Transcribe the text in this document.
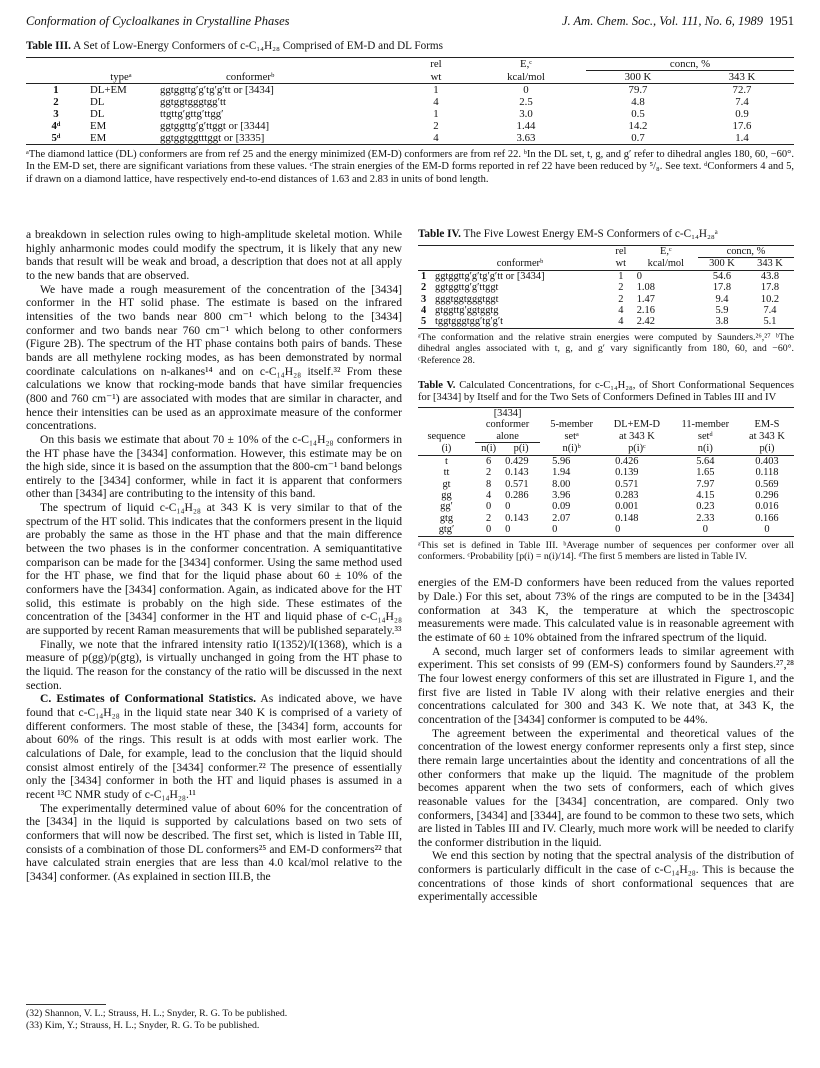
Conformation of Cycloalkanes in Crystalline Phases	J. Am. Chem. Soc., Vol. 111, No. 6, 1989 1951
Table III. A Set of Low-Energy Conformers of c-C₁₄H₂₈ Comprised of EM-D and DL Forms
			rel	E,ᶜ	concn, %	
	typeᵃ	conformerᵇ	wt	kcal/mol	300 K	343 K
1	DL+EM	ggtggttg′g′tg′g′tt or [3434]	1	0	79.7	72.7
2	DL	ggtggtgggtgg′tt	4	2.5	4.8	7.4
3	DL	ttgttg′gttg′ttgg′	1	3.0	0.5	0.9
4ᵈ	EM	ggtggttg′g′ttggt or [3344]	2	1.44	14.2	17.6
5ᵈ	EM	ggtggtggtttggt or [3335]	4	3.63	0.7	1.4
ᵃThe diamond lattice (DL) conformers are from ref 25 and the energy minimized (EM-D) conformers are from ref 22. ᵇIn the DL set, t, g, and g′ refer to dihedral angles 180, 60, −60°. In the EM-D set, there are significant variations from these values. ᶜThe strain energies of the EM-D forms reported in ref 22 have been reduced by ⁵/₈. See text. ᵈConformers 4 and 5, if drawn on a diamond lattice, have respectively end-to-end distances of 1.63 and 2.83 in units of bond length.

a breakdown in selection rules owing to high-amplitude skeletal motion. While highly anharmonic modes could modify the spectrum, it is likely that any new bands that result will be weak and broad, a description that does not at all apply to the new bands that are observed.

We have made a rough measurement of the concentration of the [3434] conformer in the HT solid phase. The estimate is based on the infrared intensities of the two bands near 800 cm⁻¹ which belong to the [3434] conformer and two bands near 760 cm⁻¹ which belong to other conformers (Figure 2B). The spectrum of the HT phase contains both pairs of bands. These bands are all methylene rocking modes, as has been demonstrated by normal coordinate calculations on n-alkanes¹⁴ and on c-C₁₄H₂₈ itself.³² From these calculations we know that rocking-mode bands that have similar frequencies (800 and 760 cm⁻¹) are associated with modes that are similar in character, and hence their intensities can be used as an approximate measure of the conformer concentrations.

On this basis we estimate that about 70 ± 10% of the c-C₁₄H₂₈ conformers in the HT phase have the [3434] conformation. However, this estimate may be on the high side, since it is based on the assumption that the 800-cm⁻¹ band belongs entirely to the [3434] conformer, while in fact it is apparent that conformers other than [3434] are contributing to the intensity of this band.

The spectrum of liquid c-C₁₄H₂₈ at 343 K is very similar to that of the spectrum of the HT solid. This indicates that the conformers present in the liquid are probably the same as those in the HT phase and that the main difference between the two phases is in the conformer concentration. A semiquantitative comparison can be made for the [3434] conformer. Using the same method used for the HT phase, we find that for the liquid phase about 60 ± 10% of the conformers have the [3434] conformation. Again, as indicated above for the HT solid, this estimate is probably on the high side. These estimates of the concentration of the [3434] conformer in the HT and liquid phase of c-C₁₄H₂₈ are supported by recent Raman measurements that will be published separately.³³

Finally, we note that the infrared intensity ratio I(1352)/I(1368), which is a measure of p(gg)/p(gtg), is virtually unchanged in going from the HT phase to the liquid. The reason for the constancy of the ratio will be discussed in the next section.

C. Estimates of Conformational Statistics. As indicated above, we have found that c-C₁₄H₂₈ in the liquid state near 340 K is comprised of a variety of different conformers. The most stable of these, the [3434] form, accounts for about 60% of the rings. This result is at odds with most earlier work. The calculations of Dale, for example, lead to the conclusion that the liquid should consist almost entirely of the [3434] conformer.²² The presence of essentially only the [3434] conformer in both the HT and liquid phases is assumed in a recent ¹³C NMR study of c-C₁₄H₂₈.¹¹

The experimentally determined value of about 60% for the concentration of the [3434] in the liquid is supported by calculations based on two sets of conformers that will now be described. The first set, which is listed in Table III, consists of a combination of those DL conformers²⁵ and EM-D conformers²² that have calculated strain energies that are less than 4.0 kcal/mol relative to the [3434] conformer. (As explained in section III.B, the

(32) Shannon, V. L.; Strauss, H. L.; Snyder, R. G. To be published.
(33) Kim, Y.; Strauss, H. L.; Snyder, R. G. To be published.
Table IV. The Five Lowest Energy EM-S Conformers of c-C₁₄H₂₈ᵃ
		rel	E,ᶜ	concn, %	
	conformerᵇ	wt	kcal/mol	300 K	343 K
1	ggtggttg′g′tg′g′tt or [3434]	1	0	54.6	43.8
2	ggtggttg′g′ttggt	2	1.08	17.8	17.8
3	gggtggtgggtggt	2	1.47	9.4	10.2
4	gtggttg′ggtggtg	4	2.16	5.9	7.4
5	tggtgggtgg′tg′g′t	4	2.42	3.8	5.1
ᵃThe conformation and the relative strain energies were computed by Saunders.²⁶,²⁷ ᵇThe dihedral angles associated with t, g, and g′ vary significantly from 180, 60, and −60°. ᶜReference 28.
Table V. Calculated Concentrations, for c-C₁₄H₂₈, of Short Conformational Sequences for [3434] by Itself and for the Two Sets of Conformers Defined in Tables III and IV
	[3434]					
	conformer		5-member	DL+EM-D	11-member	EM-S
sequence	alone		setᵃ	at 343 K	setᵈ	at 343 K
(i)	n(i)	p(i)	n(i)ᵇ	p(i)ᶜ	n(i)	p(i)
t	6	0.429	5.96	0.426	5.64	0.403
tt	2	0.143	1.94	0.139	1.65	0.118
gt	8	0.571	8.00	0.571	7.97	0.569
gg	4	0.286	3.96	0.283	4.15	0.296
gg′	0	0	0.09	0.001	0.23	0.016
gtg	2	0.143	2.07	0.148	2.33	0.166
gtg′	0	0	0	0	0	0
ᵃThis set is defined in Table III. ᵇAverage number of sequences per conformer over all conformers. ᶜProbability [p(i) = n(i)/14]. ᵈThe first 5 members are listed in Table IV.

energies of the EM-D conformers have been reduced from the values reported by Dale.) For this set, about 73% of the rings are computed to be in the [3434] conformation at 343 K, the temperature at which the spectroscopic measurements were made. This calculated value is in reasonable agreement with the estimate of 60 ± 10% obtained from the infrared spectrum of the liquid.

A second, much larger set of conformers leads to similar agreement with experiment. This set consists of 99 (EM-S) conformers found by Saunders.²⁷,²⁸ The four lowest energy conformers of this set are illustrated in Figure 1, and the first five are listed in Table IV along with their relative energies and their concentrations calculated for 300 and 343 K. We note that, at 343 K, the concentration of the [3434] conformer is computed to be 44%.

The agreement between the experimental and theoretical values of the concentration of the lowest energy conformer represents only a first step, since there remain large uncertainties about the identity and concentrations of all the other conformers that make up the liquid. The magnitude of the problem becomes apparent when the two sets of conformers, each of which gives reasonable values for the [3434] concentration, are compared. Only two conformers, [3434] and [3344], are found to be common to these two sets, which are listed in Tables III and IV. Clearly, much more work will be needed to clarify the conformer distribution in the liquid.

We end this section by noting that the spectral analysis of the distribution of conformers is particularly difficult in the case of c-C₁₄H₂₈. This is because the concentrations of those kinds of short conformational sequences that are experimentally accessible
